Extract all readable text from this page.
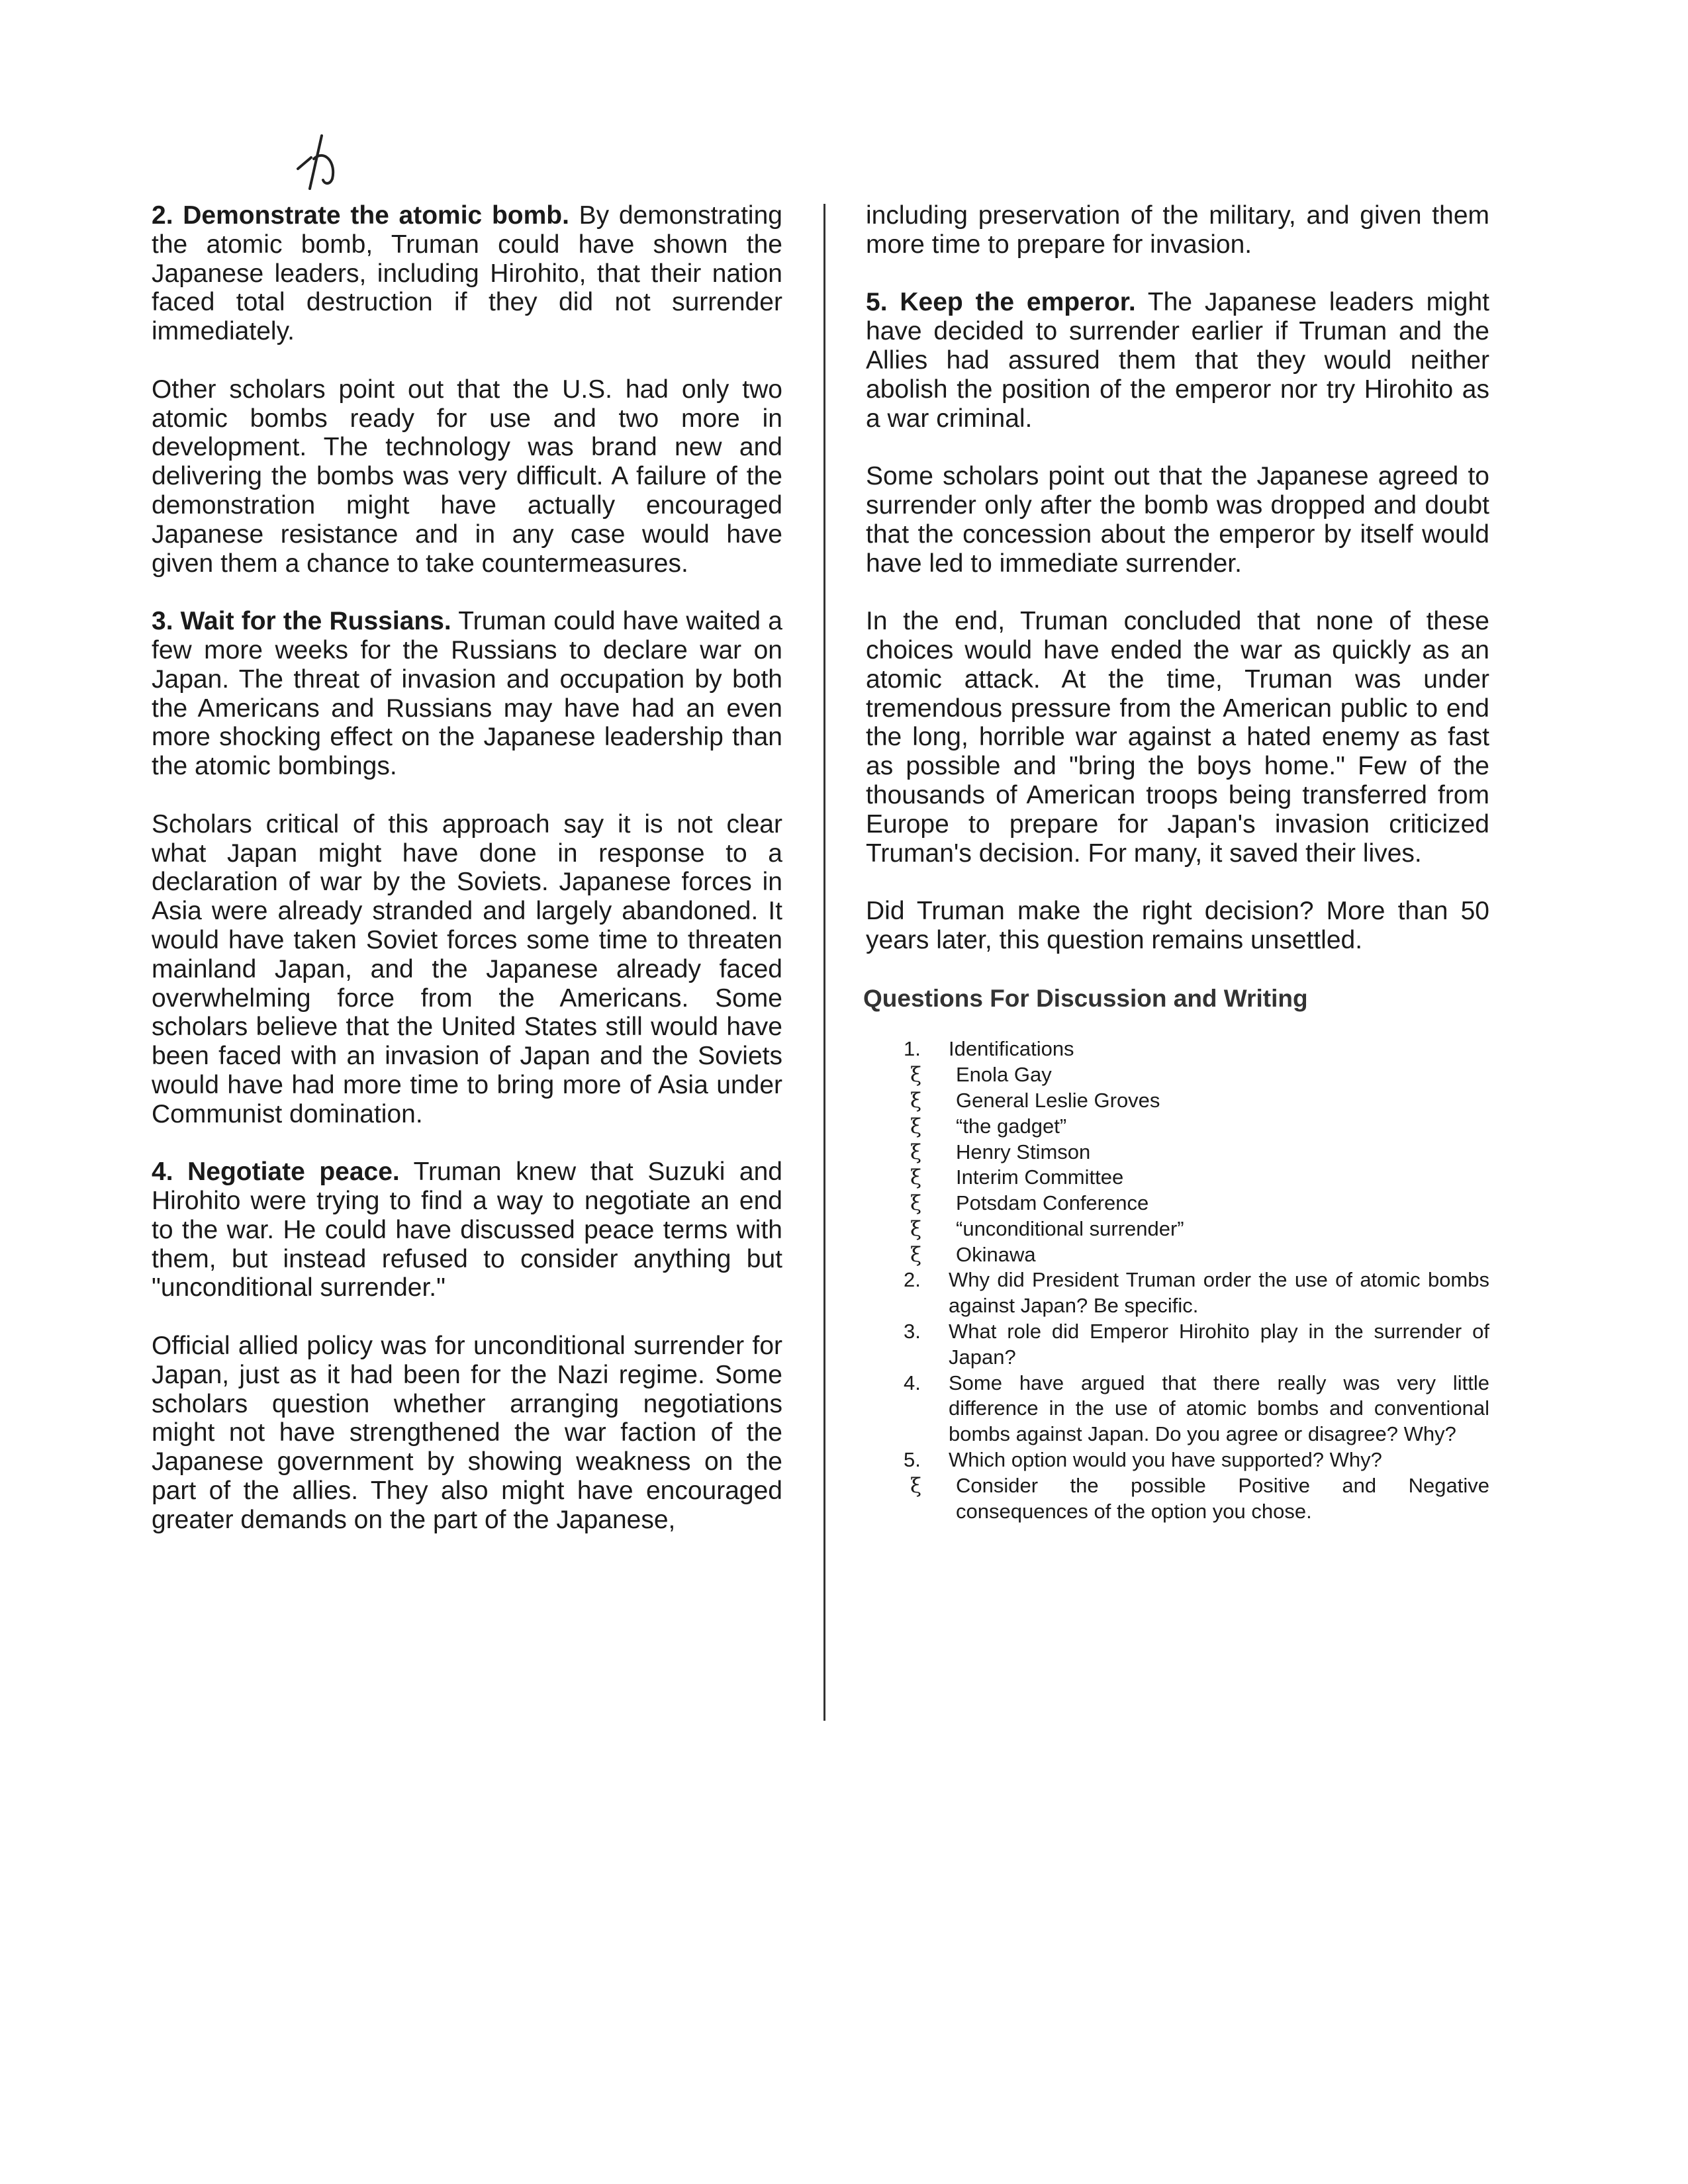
2. Demonstrate the atomic bomb. By demonstrating the atomic bomb, Truman could have shown the Japanese leaders, including Hirohito, that their nation faced total destruction if they did not surrender immediately.

Other scholars point out that the U.S. had only two atomic bombs ready for use and two more in development. The technology was brand new and delivering the bombs was very difficult. A failure of the demonstration might have actually encouraged Japanese resistance and in any case would have given them a chance to take countermeasures.

3. Wait for the Russians. Truman could have waited a few more weeks for the Russians to declare war on Japan. The threat of invasion and occupation by both the Americans and Russians may have had an even more shocking effect on the Japanese leadership than the atomic bombings.

Scholars critical of this approach say it is not clear what Japan might have done in response to a declaration of war by the Soviets. Japanese forces in Asia were already stranded and largely abandoned. It would have taken Soviet forces some time to threaten mainland Japan, and the Japanese already faced overwhelming force from the Americans. Some scholars believe that the United States still would have been faced with an invasion of Japan and the Soviets would have had more time to bring more of Asia under Communist domination.

4. Negotiate peace. Truman knew that Suzuki and Hirohito were trying to find a way to negotiate an end to the war. He could have discussed peace terms with them, but instead refused to consider anything but "unconditional surrender."

Official allied policy was for unconditional surrender for Japan, just as it had been for the Nazi regime. Some scholars question whether arranging negotiations might not have strengthened the war faction of the Japanese government by showing weakness on the part of the allies. They also might have encouraged greater demands on the part of the Japanese,

including preservation of the military, and given them more time to prepare for invasion.

5. Keep the emperor. The Japanese leaders might have decided to surrender earlier if Truman and the Allies had assured them that they would neither abolish the position of the emperor nor try Hirohito as a war criminal.

Some scholars point out that the Japanese agreed to surrender only after the bomb was dropped and doubt that the concession about the emperor by itself would have led to immediate surrender.

In the end, Truman concluded that none of these choices would have ended the war as quickly as an atomic attack. At the time, Truman was under tremendous pressure from the American public to end the long, horrible war against a hated enemy as fast as possible and "bring the boys home." Few of the thousands of American troops being transferred from Europe to prepare for Japan's invasion criticized Truman's decision. For many, it saved their lives.

Did Truman make the right decision? More than 50 years later, this question remains unsettled.

Questions For Discussion and Writing
1. Identifications
ξ Enola Gay
ξ General Leslie Groves
ξ “the gadget”
ξ Henry Stimson
ξ Interim Committee
ξ Potsdam Conference
ξ “unconditional surrender”
ξ Okinawa
2. Why did President Truman order the use of atomic bombs against Japan? Be specific.
3. What role did Emperor Hirohito play in the surrender of Japan?
4. Some have argued that there really was very little difference in the use of atomic bombs and conventional bombs against Japan. Do you agree or disagree? Why?
5. Which option would you have supported? Why?
ξ Consider the possible Positive and Negative consequences of the option you chose.
